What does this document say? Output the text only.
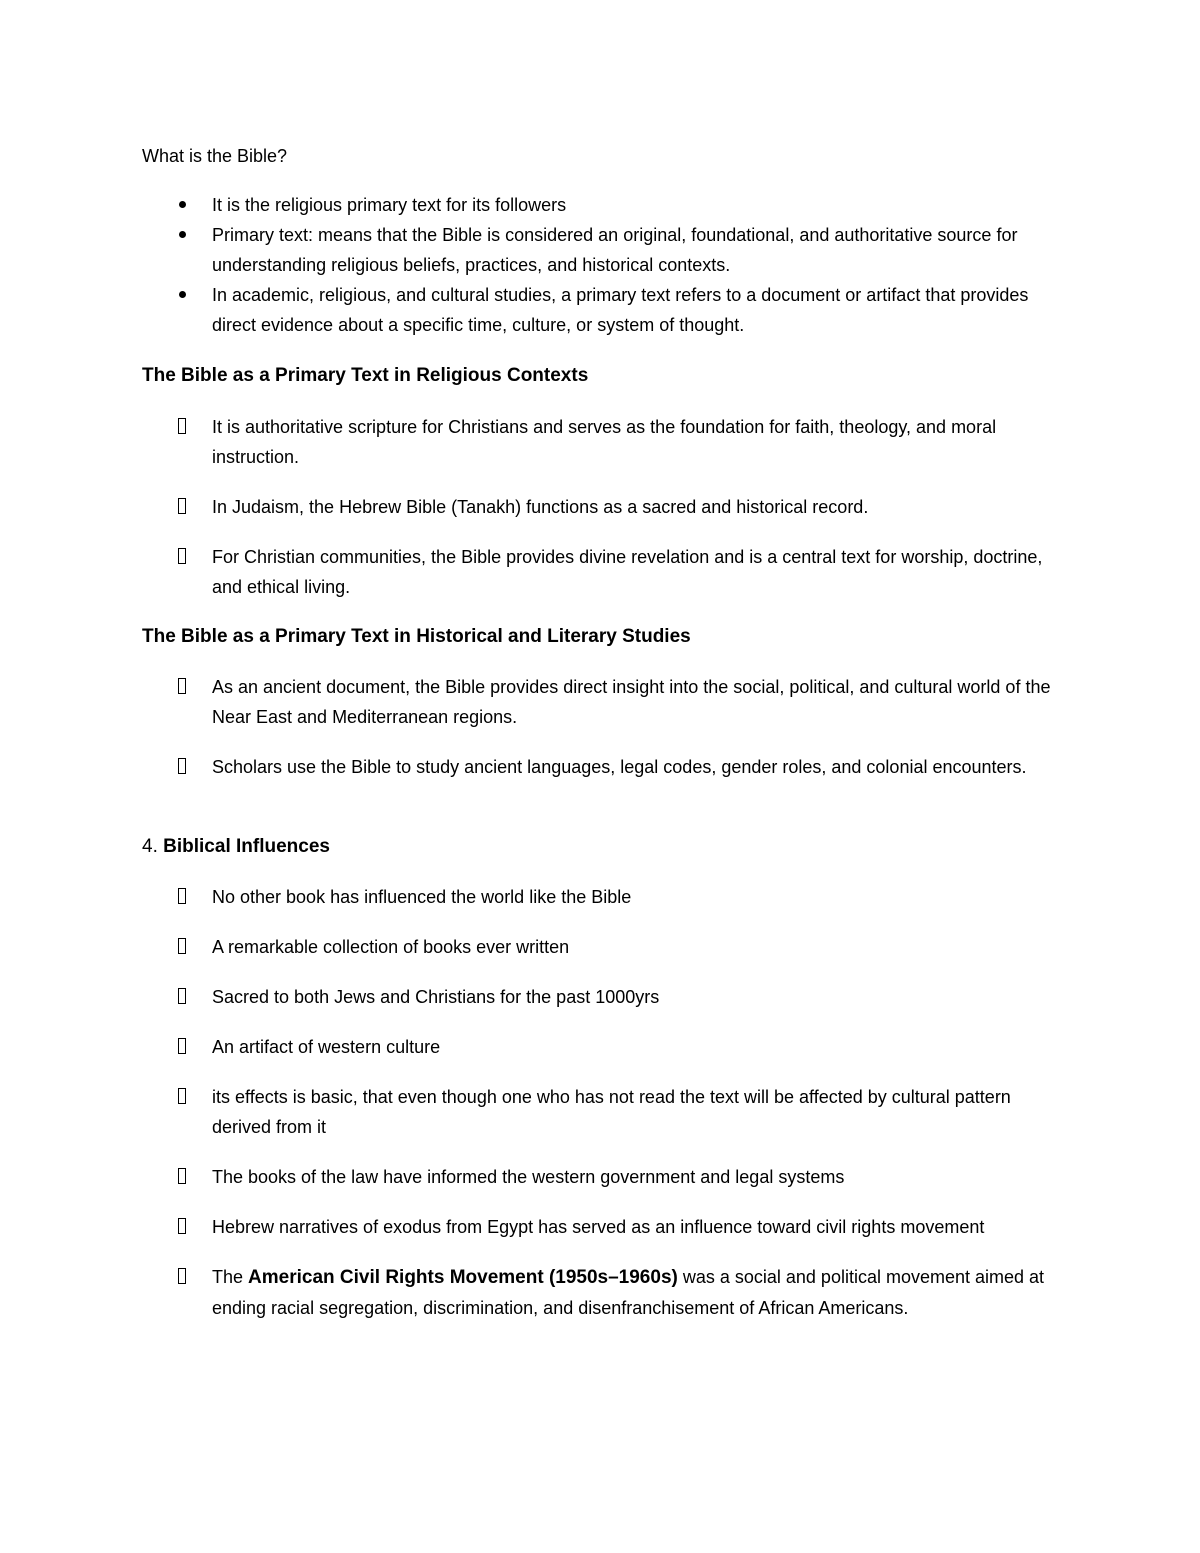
What is the Bible?
It is the religious primary text for its followers
Primary text: means that the Bible is considered an original, foundational, and authoritative source for understanding religious beliefs, practices, and historical contexts.
In academic, religious, and cultural studies, a primary text refers to a document or artifact that provides direct evidence about a specific time, culture, or system of thought.
The Bible as a Primary Text in Religious Contexts
It is authoritative scripture for Christians and serves as the foundation for faith, theology, and moral instruction.
In Judaism, the Hebrew Bible (Tanakh) functions as a sacred and historical record.
For Christian communities, the Bible provides divine revelation and is a central text for worship, doctrine, and ethical living.
The Bible as a Primary Text in Historical and Literary Studies
As an ancient document, the Bible provides direct insight into the social, political, and cultural world of the Near East and Mediterranean regions.
Scholars use the Bible to study ancient languages, legal codes, gender roles, and colonial encounters.
4. Biblical Influences
No other book has influenced the world like the Bible
A remarkable collection of books ever written
Sacred to both Jews and Christians for the past 1000yrs
An artifact of western culture
its effects is basic, that even though one who has not read the text will be affected by cultural pattern derived from it
The books of the law have informed the western government and legal systems
Hebrew narratives of exodus from Egypt has served as an influence toward civil rights movement
The American Civil Rights Movement (1950s–1960s) was a social and political movement aimed at ending racial segregation, discrimination, and disenfranchisement of African Americans.
